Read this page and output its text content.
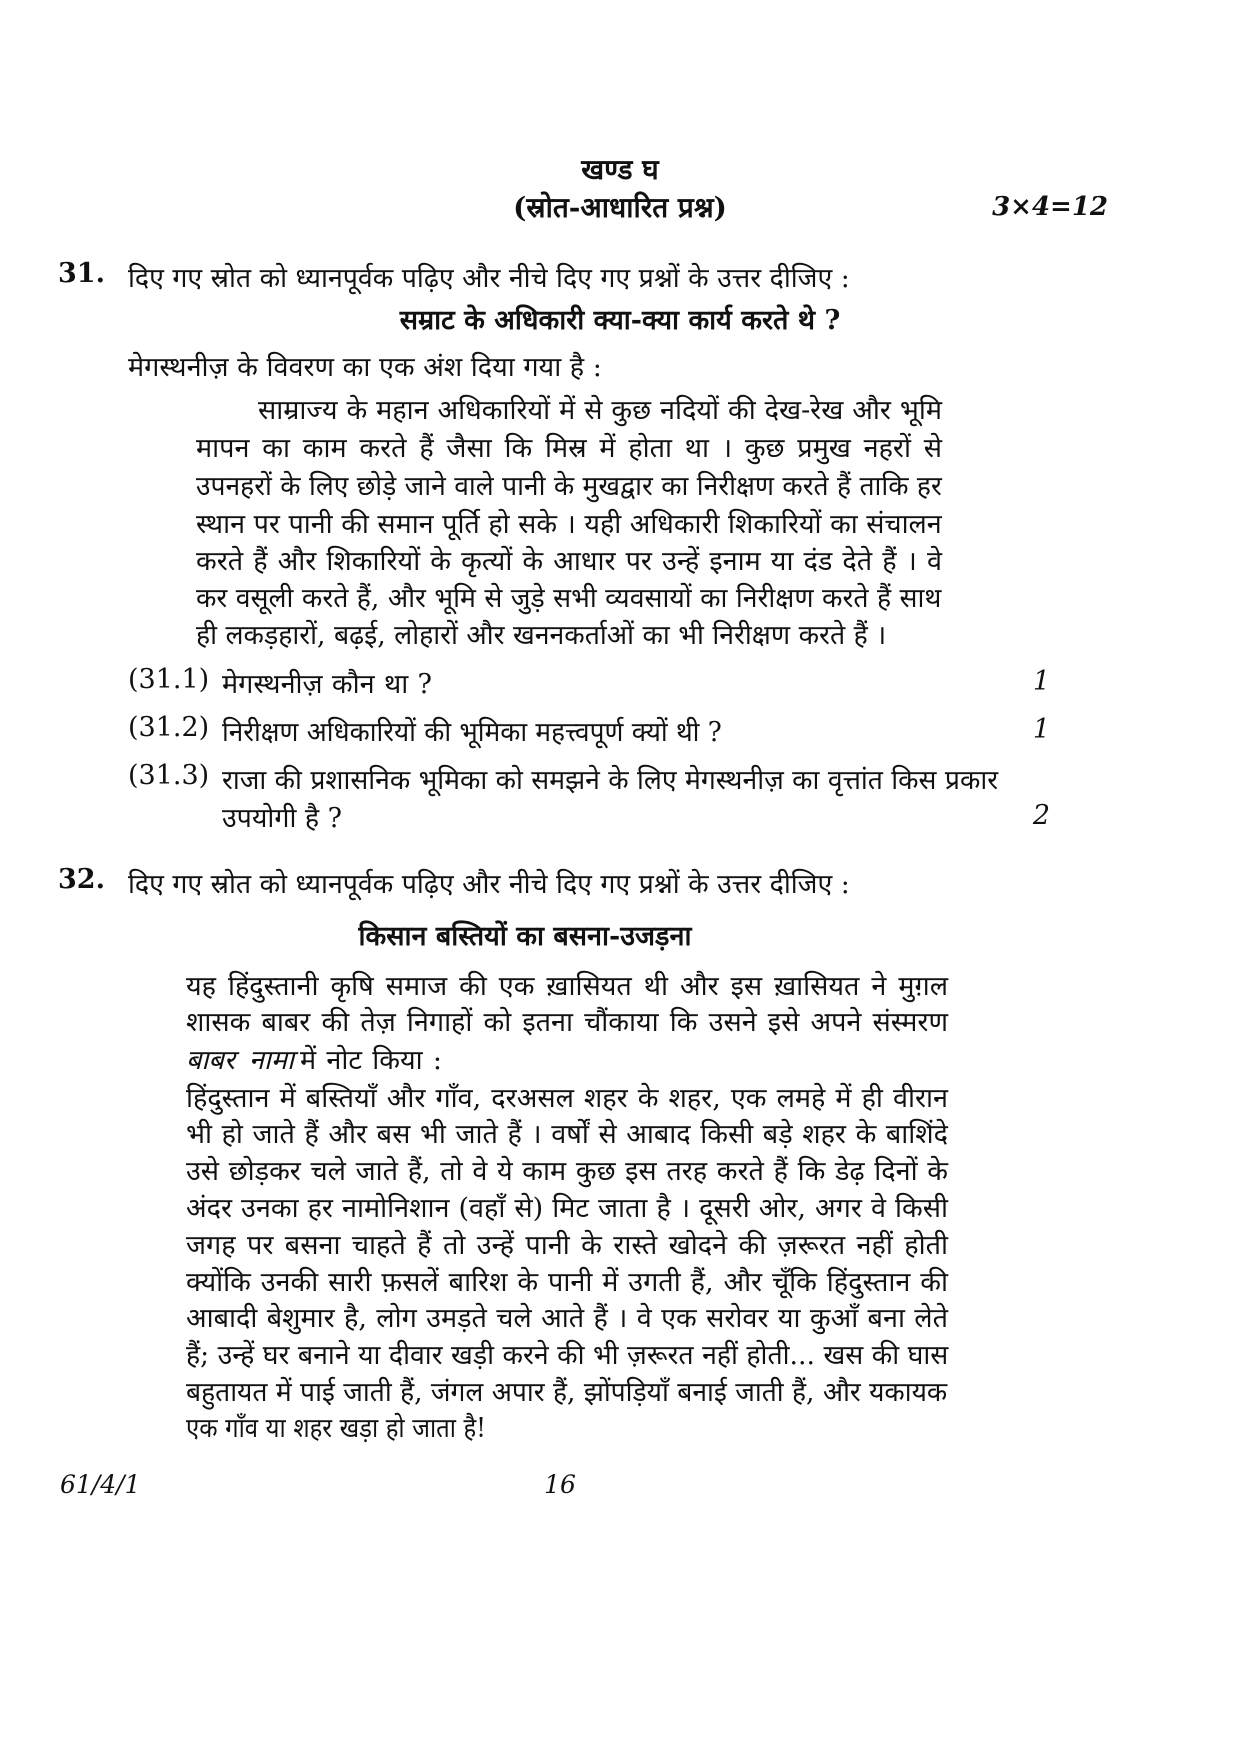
खण्ड घ
(स्रोत-आधारित प्रश्न)	3×4=12
31. दिए गए स्रोत को ध्यानपूर्वक पढ़िए और नीचे दिए गए प्रश्नों के उत्तर दीजिए :
सम्राट के अधिकारी क्या-क्या कार्य करते थे ?
मेगस्थनीज़ के विवरण का एक अंश दिया गया है :
साम्राज्य के महान अधिकारियों में से कुछ नदियों की देख-रेख और भूमि
मापन का काम करते हैं जैसा कि मिस्र में होता था । कुछ प्रमुख नहरों से
उपनहरों के लिए छोड़े जाने वाले पानी के मुखद्वार का निरीक्षण करते हैं ताकि हर
स्थान पर पानी की समान पूर्ति हो सके । यही अधिकारी शिकारियों का संचालन
करते हैं और शिकारियों के कृत्यों के आधार पर उन्हें इनाम या दंड देते हैं । वे
कर वसूली करते हैं, और भूमि से जुड़े सभी व्यवसायों का निरीक्षण करते हैं साथ
ही लकड़हारों, बढ़ई, लोहारों और खननकर्ताओं का भी निरीक्षण करते हैं ।
(31.1) मेगस्थनीज़ कौन था ?	1
(31.2) निरीक्षण अधिकारियों की भूमिका महत्त्वपूर्ण क्यों थी ?	1
(31.3) राजा की प्रशासनिक भूमिका को समझने के लिए मेगस्थनीज़ का वृत्तांत किस प्रकार
उपयोगी है ?	2
32. दिए गए स्रोत को ध्यानपूर्वक पढ़िए और नीचे दिए गए प्रश्नों के उत्तर दीजिए :
किसान बस्तियों का बसना-उजड़ना
यह हिंदुस्तानी कृषि समाज की एक ख़ासियत थी और इस ख़ासियत ने मुग़ल
शासक बाबर की तेज़ निगाहों को इतना चौंकाया कि उसने इसे अपने संस्मरण
बाबर नामा में नोट किया :
हिंदुस्तान में बस्तियाँ और गाँव, दरअसल शहर के शहर, एक लमहे में ही वीरान
भी हो जाते हैं और बस भी जाते हैं । वर्षों से आबाद किसी बड़े शहर के बाशिंदे
उसे छोड़कर चले जाते हैं, तो वे ये काम कुछ इस तरह करते हैं कि डेढ़ दिनों के
अंदर उनका हर नामोनिशान (वहाँ से) मिट जाता है । दूसरी ओर, अगर वे किसी
जगह पर बसना चाहते हैं तो उन्हें पानी के रास्ते खोदने की ज़रूरत नहीं होती
क्योंकि उनकी सारी फ़सलें बारिश के पानी में उगती हैं, और चूँकि हिंदुस्तान की
आबादी बेशुमार है, लोग उमड़ते चले आते हैं । वे एक सरोवर या कुआँ बना लेते
हैं; उन्हें घर बनाने या दीवार खड़ी करने की भी ज़रूरत नहीं होती... खस की घास
बहुतायत में पाई जाती हैं, जंगल अपार हैं, झोंपड़ियाँ बनाई जाती हैं, और यकायक
एक गाँव या शहर खड़ा हो जाता है!
61/4/1	16
